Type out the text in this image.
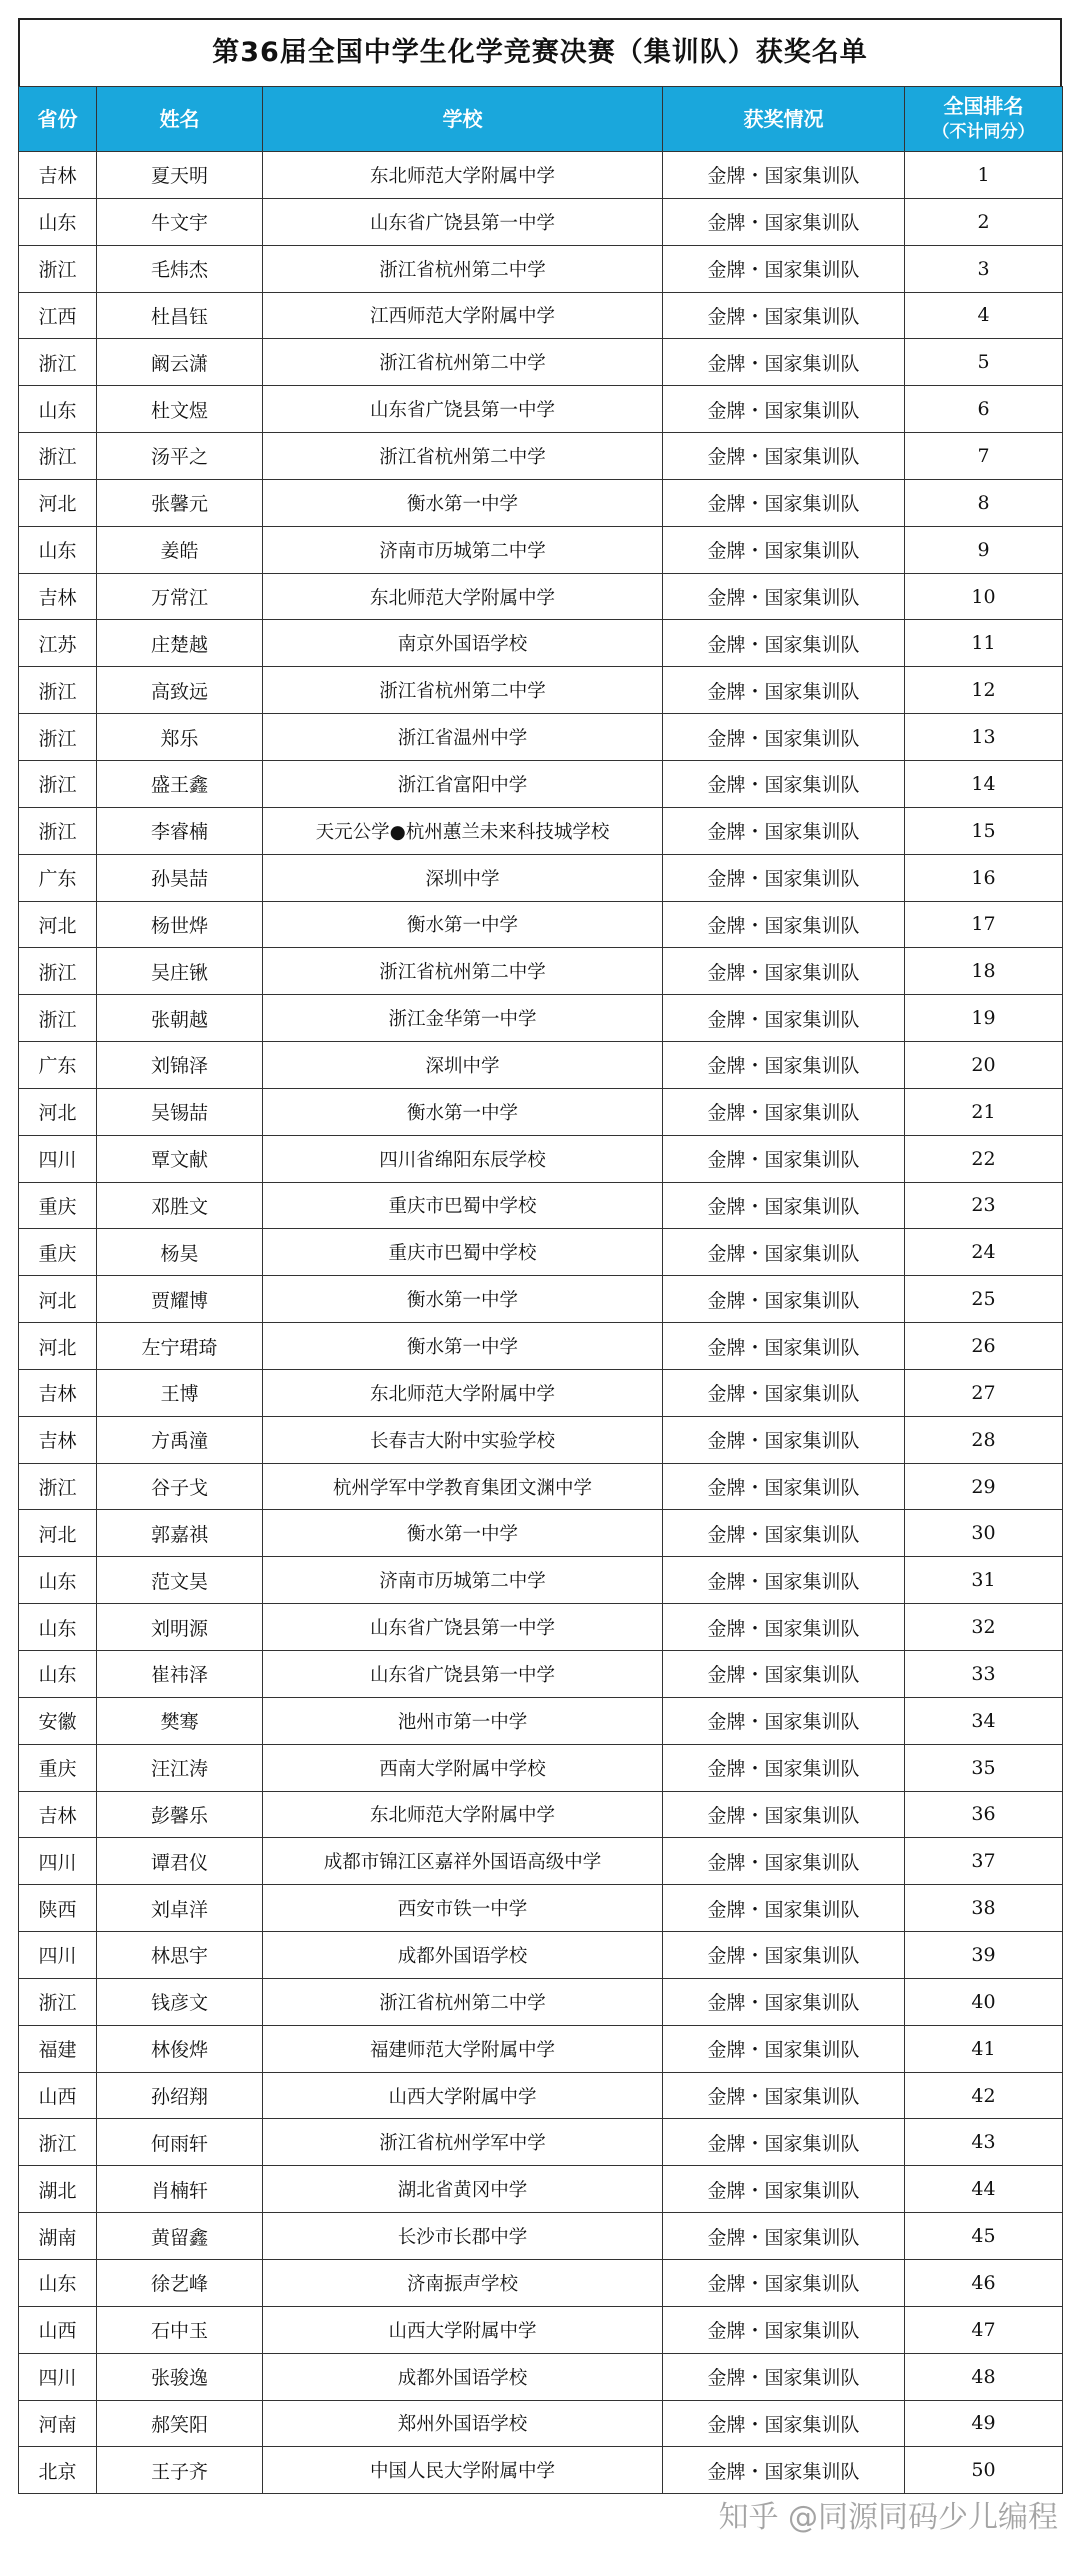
第36届全国中学生化学竞赛决赛（集训队）获奖名单
省份	姓名	学校	获奖情况	全国排名
（不计同分）

吉林	夏天明	东北师范大学附属中学	金牌・国家集训队	1
山东	牛文宇	山东省广饶县第一中学	金牌・国家集训队	2
浙江	毛炜杰	浙江省杭州第二中学	金牌・国家集训队	3
江西	杜昌钰	江西师范大学附属中学	金牌・国家集训队	4
浙江	阚云潇	浙江省杭州第二中学	金牌・国家集训队	5
山东	杜文煜	山东省广饶县第一中学	金牌・国家集训队	6
浙江	汤平之	浙江省杭州第二中学	金牌・国家集训队	7
河北	张馨元	衡水第一中学	金牌・国家集训队	8
山东	姜皓	济南市历城第二中学	金牌・国家集训队	9
吉林	万常江	东北师范大学附属中学	金牌・国家集训队	10
江苏	庄楚越	南京外国语学校	金牌・国家集训队	11
浙江	高致远	浙江省杭州第二中学	金牌・国家集训队	12
浙江	郑乐	浙江省温州中学	金牌・国家集训队	13
浙江	盛王鑫	浙江省富阳中学	金牌・国家集训队	14
浙江	李睿楠	天元公学●杭州蕙兰未来科技城学校	金牌・国家集训队	15
广东	孙昊喆	深圳中学	金牌・国家集训队	16
河北	杨世烨	衡水第一中学	金牌・国家集训队	17
浙江	吴庄锹	浙江省杭州第二中学	金牌・国家集训队	18
浙江	张朝越	浙江金华第一中学	金牌・国家集训队	19
广东	刘锦泽	深圳中学	金牌・国家集训队	20
河北	吴锡喆	衡水第一中学	金牌・国家集训队	21
四川	覃文献	四川省绵阳东辰学校	金牌・国家集训队	22
重庆	邓胜文	重庆市巴蜀中学校	金牌・国家集训队	23
重庆	杨昊	重庆市巴蜀中学校	金牌・国家集训队	24
河北	贾耀博	衡水第一中学	金牌・国家集训队	25
河北	左宁珺琦	衡水第一中学	金牌・国家集训队	26
吉林	王博	东北师范大学附属中学	金牌・国家集训队	27
吉林	方禹潼	长春吉大附中实验学校	金牌・国家集训队	28
浙江	谷子戈	杭州学军中学教育集团文渊中学	金牌・国家集训队	29
河北	郭嘉祺	衡水第一中学	金牌・国家集训队	30
山东	范文昊	济南市历城第二中学	金牌・国家集训队	31
山东	刘明源	山东省广饶县第一中学	金牌・国家集训队	32
山东	崔祎泽	山东省广饶县第一中学	金牌・国家集训队	33
安徽	樊骞	池州市第一中学	金牌・国家集训队	34
重庆	汪江涛	西南大学附属中学校	金牌・国家集训队	35
吉林	彭馨乐	东北师范大学附属中学	金牌・国家集训队	36
四川	谭君仪	成都市锦江区嘉祥外国语高级中学	金牌・国家集训队	37
陕西	刘卓洋	西安市铁一中学	金牌・国家集训队	38
四川	林思宇	成都外国语学校	金牌・国家集训队	39
浙江	钱彦文	浙江省杭州第二中学	金牌・国家集训队	40
福建	林俊烨	福建师范大学附属中学	金牌・国家集训队	41
山西	孙绍翔	山西大学附属中学	金牌・国家集训队	42
浙江	何雨轩	浙江省杭州学军中学	金牌・国家集训队	43
湖北	肖楠轩	湖北省黄冈中学	金牌・国家集训队	44
湖南	黄留鑫	长沙市长郡中学	金牌・国家集训队	45
山东	徐艺峰	济南振声学校	金牌・国家集训队	46
山西	石中玉	山西大学附属中学	金牌・国家集训队	47
四川	张骏逸	成都外国语学校	金牌・国家集训队	48
河南	郝笑阳	郑州外国语学校	金牌・国家集训队	49
北京	王子齐	中国人民大学附属中学	金牌・国家集训队	50
知乎 @同源同码少儿编程
